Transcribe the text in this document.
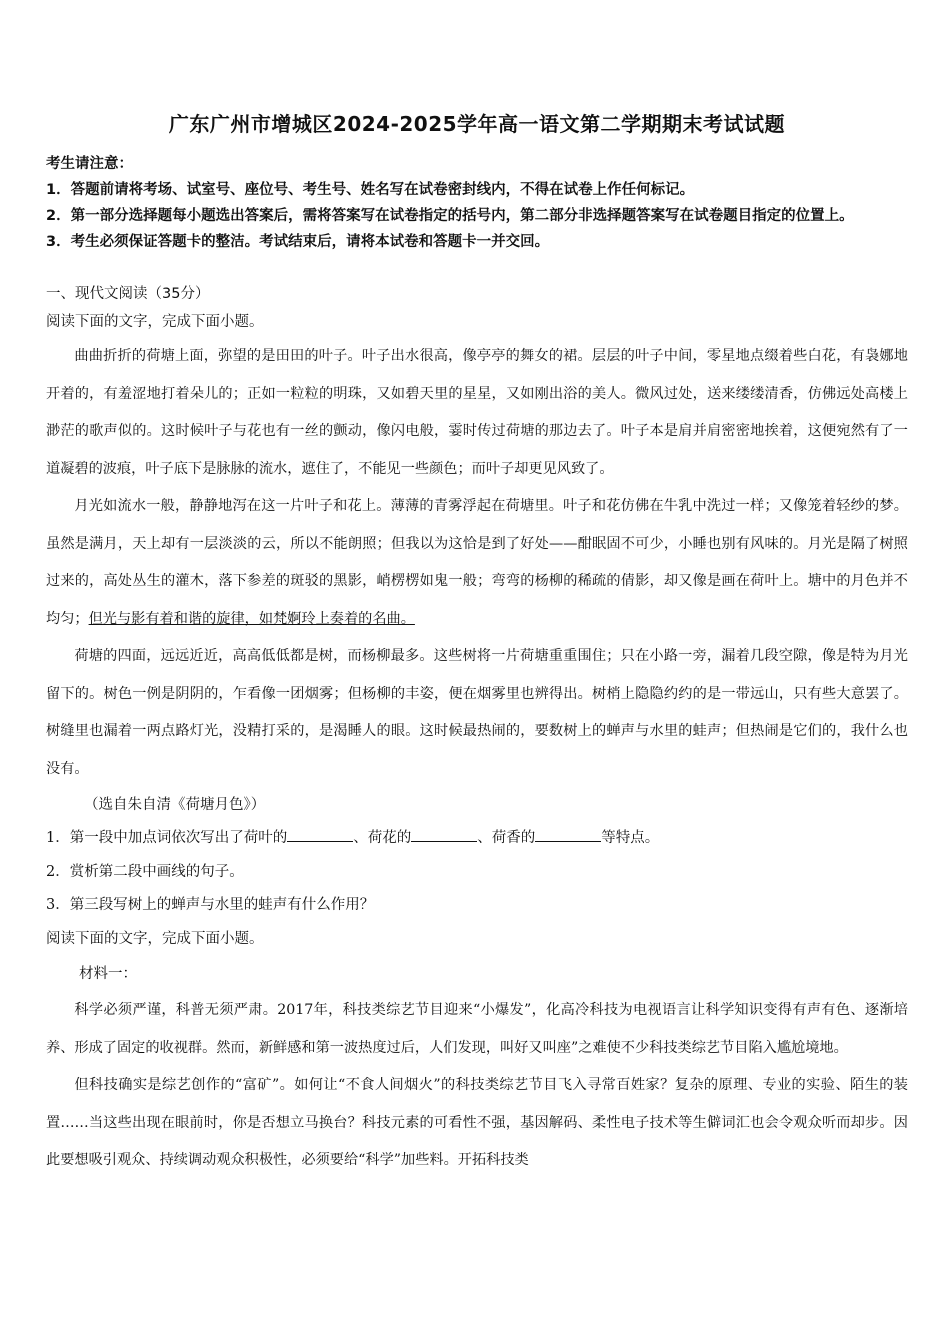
广东广州市增城区2024-2025学年高一语文第二学期期末考试试题

考生请注意：

1．答题前请将考场、试室号、座位号、考生号、姓名写在试卷密封线内，不得在试卷上作任何标记。

2．第一部分选择题每小题选出答案后，需将答案写在试卷指定的括号内，第二部分非选择题答案写在试卷题目指定的位置上。

3．考生必须保证答题卡的整洁。考试结束后，请将本试卷和答题卡一并交回。

一、现代文阅读（35分）

阅读下面的文字，完成下面小题。

曲曲折折的荷塘上面，弥望的是田田的叶子。叶子出水很高，像亭亭的舞女的裙。层层的叶子中间，零星地点缀着些白花，有袅娜地开着的，有羞涩地打着朵儿的；正如一粒粒的明珠，又如碧天里的星星，又如刚出浴的美人。微风过处，送来缕缕清香，仿佛远处高楼上渺茫的歌声似的。这时候叶子与花也有一丝的颤动，像闪电般，霎时传过荷塘的那边去了。叶子本是肩并肩密密地挨着，这便宛然有了一道凝碧的波痕，叶子底下是脉脉的流水，遮住了，不能见一些颜色；而叶子却更见风致了。

月光如流水一般，静静地泻在这一片叶子和花上。薄薄的青雾浮起在荷塘里。叶子和花仿佛在牛乳中洗过一样；又像笼着轻纱的梦。虽然是满月，天上却有一层淡淡的云，所以不能朗照；但我以为这恰是到了好处——酣眠固不可少，小睡也别有风味的。月光是隔了树照过来的，高处丛生的灌木，落下参差的斑驳的黑影，峭楞楞如鬼一般；弯弯的杨柳的稀疏的倩影，却又像是画在荷叶上。塘中的月色并不均匀；但光与影有着和谐的旋律，如梵婀玲上奏着的名曲。

荷塘的四面，远远近近，高高低低都是树，而杨柳最多。这些树将一片荷塘重重围住；只在小路一旁，漏着几段空隙，像是特为月光留下的。树色一例是阴阴的，乍看像一团烟雾；但杨柳的丰姿，便在烟雾里也辨得出。树梢上隐隐约约的是一带远山，只有些大意罢了。树缝里也漏着一两点路灯光，没精打采的，是渴睡人的眼。这时候最热闹的，要数树上的蝉声与水里的蛙声；但热闹是它们的，我什么也没有。

（选自朱自清《荷塘月色》）

1．第一段中加点词依次写出了荷叶的	、荷花的	、荷香的	等特点。

2．赏析第二段中画线的句子。

3．第三段写树上的蝉声与水里的蛙声有什么作用？

阅读下面的文字，完成下面小题。

材料一：

科学必须严谨，科普无须严肃。2017年，科技类综艺节目迎来“小爆发”，化高冷科技为电视语言让科学知识变得有声有色、逐渐培养、形成了固定的收视群。然而，新鲜感和第一波热度过后，人们发现，叫好又叫座”之难使不少科技类综艺节目陷入尴尬境地。

但科技确实是综艺创作的“富矿”。如何让“不食人间烟火”的科技类综艺节目飞入寻常百姓家？复杂的原理、专业的实验、陌生的装置……当这些出现在眼前时，你是否想立马换台？科技元素的可看性不强，基因解码、柔性电子技术等生僻词汇也会令观众听而却步。因此要想吸引观众、持续调动观众积极性，必须要给“科学”加些料。开拓科技类
